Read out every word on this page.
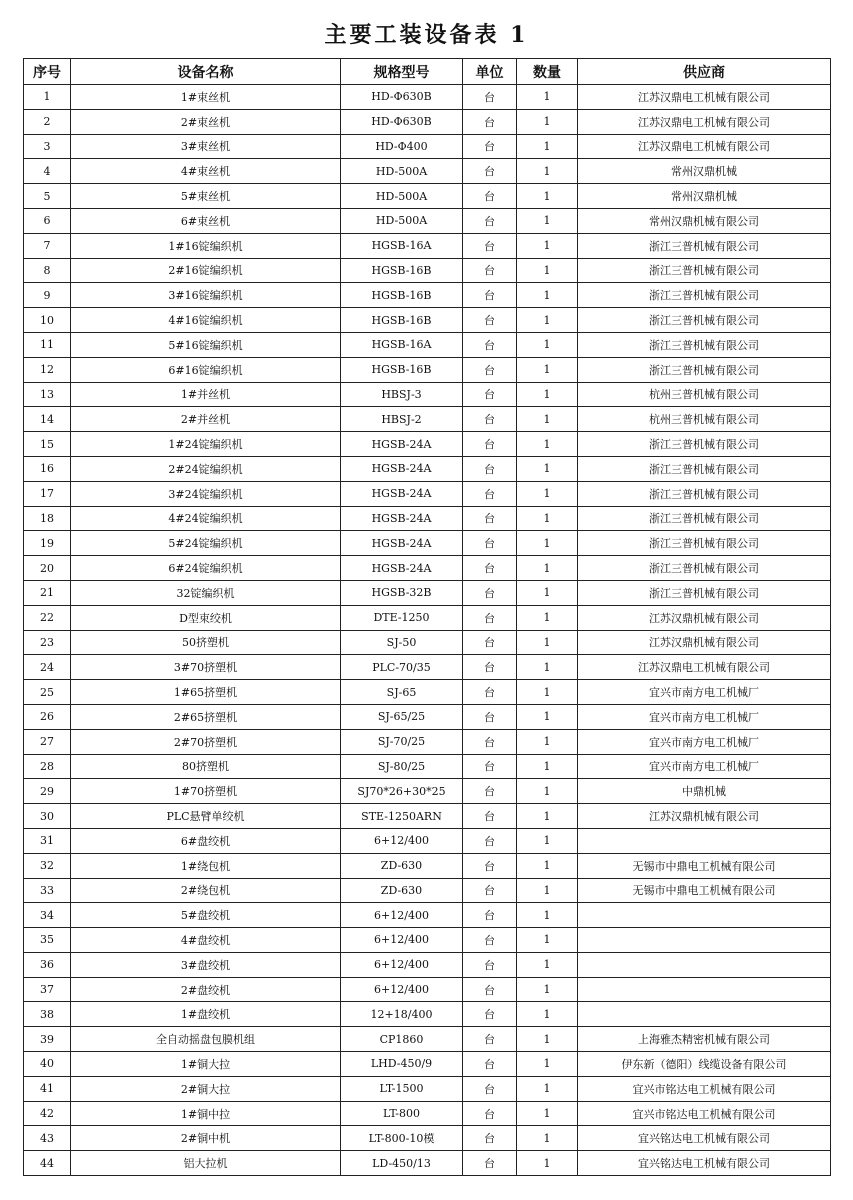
主要工装设备表 1
序号	设备名称	规格型号	单位	数量	供应商
1	1#束丝机	HD-Φ630B	台	1	江苏汉鼎电工机械有限公司
2	2#束丝机	HD-Φ630B	台	1	江苏汉鼎电工机械有限公司
3	3#束丝机	HD-Φ400	台	1	江苏汉鼎电工机械有限公司
4	4#束丝机	HD-500A	台	1	常州汉鼎机械
5	5#束丝机	HD-500A	台	1	常州汉鼎机械
6	6#束丝机	HD-500A	台	1	常州汉鼎机械有限公司
7	1#16锭编织机	HGSB-16A	台	1	浙江三普机械有限公司
8	2#16锭编织机	HGSB-16B	台	1	浙江三普机械有限公司
9	3#16锭编织机	HGSB-16B	台	1	浙江三普机械有限公司
10	4#16锭编织机	HGSB-16B	台	1	浙江三普机械有限公司
11	5#16锭编织机	HGSB-16A	台	1	浙江三普机械有限公司
12	6#16锭编织机	HGSB-16B	台	1	浙江三普机械有限公司
13	1#并丝机	HBSJ-3	台	1	杭州三普机械有限公司
14	2#并丝机	HBSJ-2	台	1	杭州三普机械有限公司
15	1#24锭编织机	HGSB-24A	台	1	浙江三普机械有限公司
16	2#24锭编织机	HGSB-24A	台	1	浙江三普机械有限公司
17	3#24锭编织机	HGSB-24A	台	1	浙江三普机械有限公司
18	4#24锭编织机	HGSB-24A	台	1	浙江三普机械有限公司
19	5#24锭编织机	HGSB-24A	台	1	浙江三普机械有限公司
20	6#24锭编织机	HGSB-24A	台	1	浙江三普机械有限公司
21	32锭编织机	HGSB-32B	台	1	浙江三普机械有限公司
22	D型束绞机	DTE-1250	台	1	江苏汉鼎机械有限公司
23	50挤塑机	SJ-50	台	1	江苏汉鼎机械有限公司
24	3#70挤塑机	PLC-70/35	台	1	江苏汉鼎电工机械有限公司
25	1#65挤塑机	SJ-65	台	1	宜兴市南方电工机械厂
26	2#65挤塑机	SJ-65/25	台	1	宜兴市南方电工机械厂
27	2#70挤塑机	SJ-70/25	台	1	宜兴市南方电工机械厂
28	80挤塑机	SJ-80/25	台	1	宜兴市南方电工机械厂
29	1#70挤塑机	SJ70*26+30*25	台	1	中鼎机械
30	PLC悬臂单绞机	STE-1250ARN	台	1	江苏汉鼎机械有限公司
31	6#盘绞机	6+12/400	台	1	
32	1#绕包机	ZD-630	台	1	无锡市中鼎电工机械有限公司
33	2#绕包机	ZD-630	台	1	无锡市中鼎电工机械有限公司
34	5#盘绞机	6+12/400	台	1	
35	4#盘绞机	6+12/400	台	1	
36	3#盘绞机	6+12/400	台	1	
37	2#盘绞机	6+12/400	台	1	
38	1#盘绞机	12+18/400	台	1	
39	全自动摇盘包膜机组	CP1860	台	1	上海雅杰精密机械有限公司
40	1#铜大拉	LHD-450/9	台	1	伊东新（德阳）线缆设备有限公司
41	2#铜大拉	LT-1500	台	1	宜兴市铭达电工机械有限公司
42	1#铜中拉	LT-800	台	1	宜兴市铭达电工机械有限公司
43	2#铜中机	LT-800-10模	台	1	宜兴铭达电工机械有限公司
44	铝大拉机	LD-450/13	台	1	宜兴铭达电工机械有限公司
